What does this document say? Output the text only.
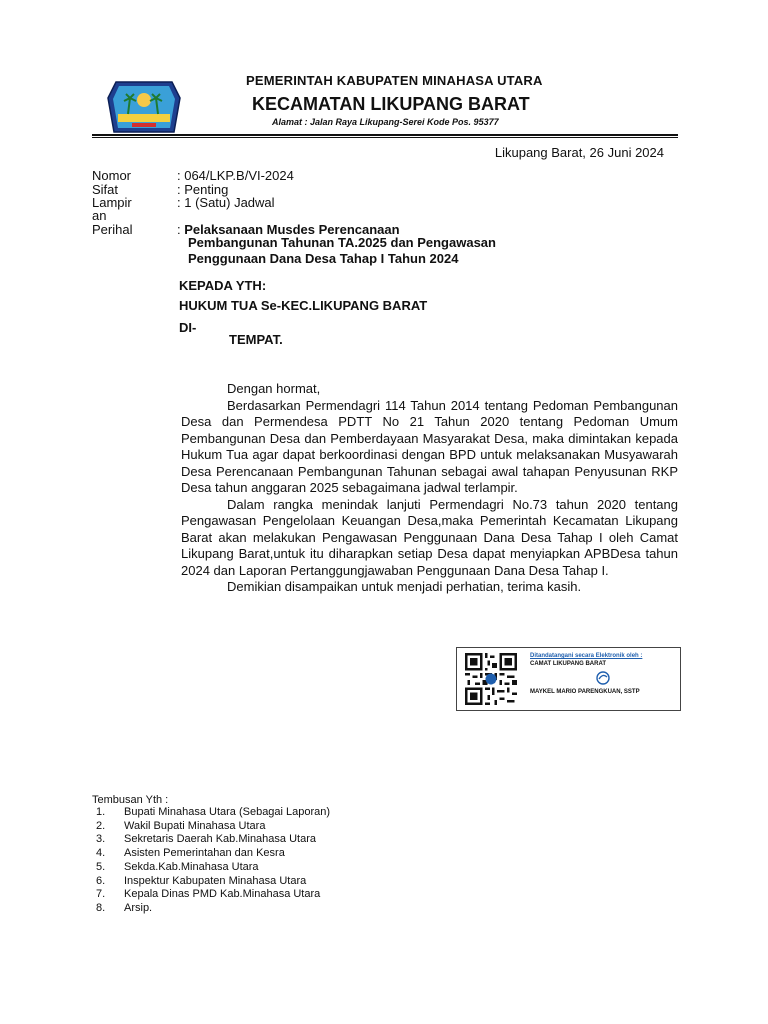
PEMERINTAH KABUPATEN MINAHASA UTARA
KECAMATAN LIKUPANG BARAT
Alamat : Jalan Raya Likupang-Serei Kode Pos. 95377
Likupang Barat, 26 Juni 2024
Nomor	: 064/LKP.B/VI-2024
Sifat	: Penting
Lampir
an
: 1 (Satu) Jadwal
Perihal	: Pelaksanaan Musdes Perencanaan
Pembangunan Tahunan TA.2025 dan Pengawasan
Penggunaan Dana Desa Tahap I Tahun 2024
KEPADA YTH:
HUKUM TUA Se-KEC.LIKUPANG BARAT
DI-
TEMPAT.

Dengan hormat,

Berdasarkan Permendagri 114 Tahun 2014 tentang Pedoman Pembangunan Desa dan Permendesa PDTT No 21 Tahun 2020 tentang Pedoman Umum Pembangunan Desa dan Pemberdayaan Masyarakat Desa, maka dimintakan kepada Hukum Tua agar dapat berkoordinasi dengan BPD untuk melaksanakan Musyawarah Desa Perencanaan Pembangunan Tahunan sebagai awal tahapan Penyusunan RKP Desa tahun anggaran 2025 sebagaimana jadwal terlampir.

Dalam rangka menindak lanjuti Permendagri No.73 tahun 2020 tentang Pengawasan Pengelolaan Keuangan Desa,maka Pemerintah Kecamatan Likupang Barat akan melakukan Pengawasan Penggunaan Dana Desa Tahap I oleh Camat Likupang Barat,untuk itu diharapkan setiap Desa dapat menyiapkan APBDesa tahun 2024 dan Laporan Pertanggungjawaban Penggunaan Dana Desa Tahap I.

Demikian disampaikan untuk menjadi perhatian, terima kasih.

Ditandatangani secara Elektronik oleh :
CAMAT LIKUPANG BARAT
MAYKEL MARIO PARENGKUAN, SSTP
Tembusan Yth :
1.	Bupati Minahasa Utara (Sebagai Laporan)
2.	Wakil Bupati Minahasa Utara
3.	Sekretaris Daerah Kab.Minahasa Utara
4.	Asisten Pemerintahan dan Kesra
5.	Sekda.Kab.Minahasa Utara
6.	Inspektur Kabupaten Minahasa Utara
7.	Kepala Dinas PMD Kab.Minahasa Utara
8.	Arsip.
